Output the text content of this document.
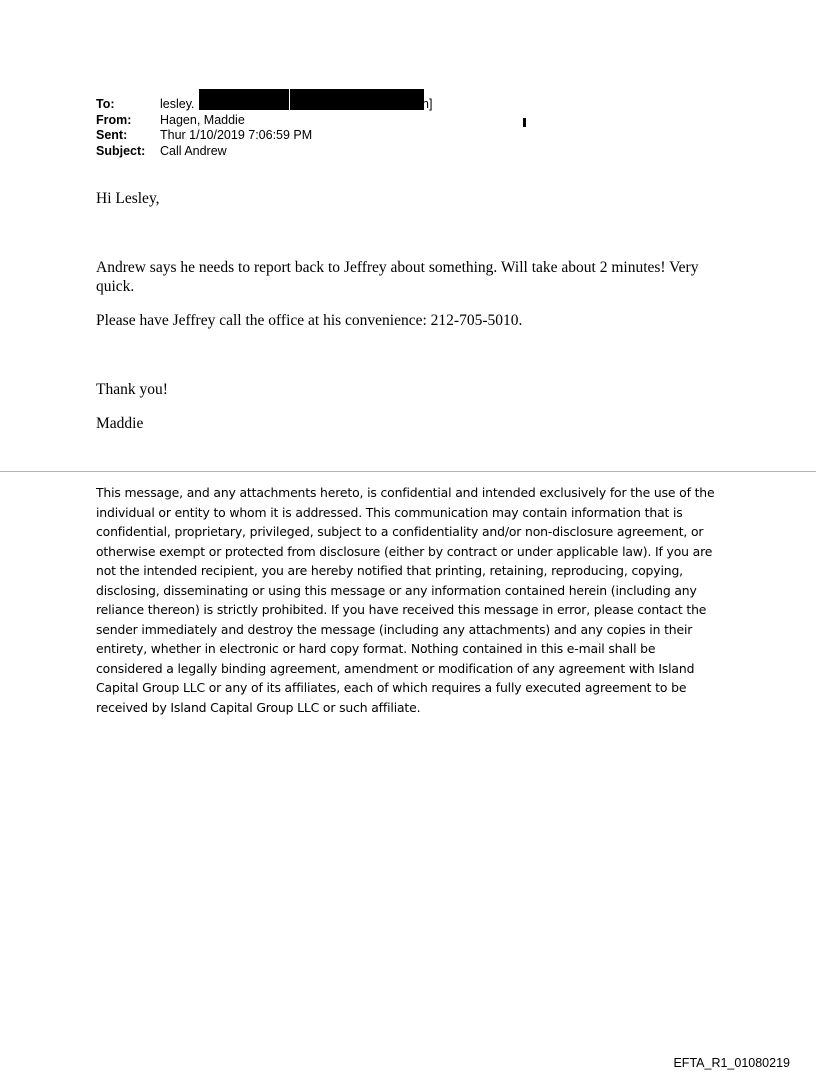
To:	lesley.
From:	Hagen, Maddie
Sent:	Thur 1/10/2019 7:06:59 PM
Subject:	Call Andrew
n]

Hi Lesley,

Andrew says he needs to report back to Jeffrey about something. Will take about 2 minutes! Very quick.

Please have Jeffrey call the office at his convenience: 212-705-5010.

Thank you!

Maddie

This message, and any attachments hereto, is confidential and intended exclusively for the use of the individual or entity to whom it is addressed. This communication may contain information that is confidential, proprietary, privileged, subject to a confidentiality and/or non-disclosure agreement, or otherwise exempt or protected from disclosure (either by contract or under applicable law). If you are not the intended recipient, you are hereby notified that printing, retaining, reproducing, copying, disclosing, disseminating or using this message or any information contained herein (including any reliance thereon) is strictly prohibited. If you have received this message in error, please contact the sender immediately and destroy the message (including any attachments) and any copies in their entirety, whether in electronic or hard copy format. Nothing contained in this e-mail shall be considered a legally binding agreement, amendment or modification of any agreement with Island Capital Group LLC or any of its affiliates, each of which requires a fully executed agreement to be received by Island Capital Group LLC or such affiliate.

EFTA_R1_01080219
